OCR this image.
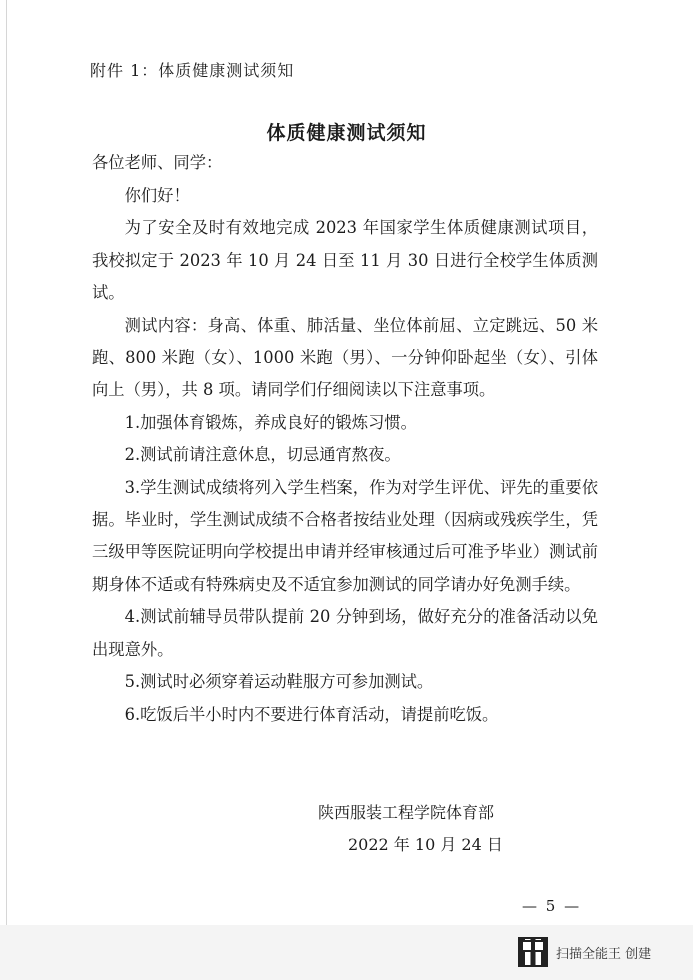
附件 1：体质健康测试须知
体质健康测试须知
各位老师、同学：

你们好！

为了安全及时有效地完成 2023 年国家学生体质健康测试项目，我校拟定于 2023 年 10 月 24 日至 11 月 30 日进行全校学生体质测试。

测试内容：身高、体重、肺活量、坐位体前屈、立定跳远、50 米跑、800 米跑（女）、1000 米跑（男）、一分钟仰卧起坐（女）、引体向上（男），共 8 项。请同学们仔细阅读以下注意事项。

1.加强体育锻炼，养成良好的锻炼习惯。

2.测试前请注意休息，切忌通宵熬夜。

3.学生测试成绩将列入学生档案，作为对学生评优、评先的重要依据。毕业时，学生测试成绩不合格者按结业处理（因病或残疾学生，凭三级甲等医院证明向学校提出申请并经审核通过后可准予毕业）测试前期身体不适或有特殊病史及不适宜参加测试的同学请办好免测手续。

4.测试前辅导员带队提前 20 分钟到场，做好充分的准备活动以免出现意外。

5.测试时必须穿着运动鞋服方可参加测试。

6.吃饭后半小时内不要进行体育活动，请提前吃饭。

陕西服装工程学院体育部
2022 年 10 月 24 日
— 5 —
扫描全能王 创建
